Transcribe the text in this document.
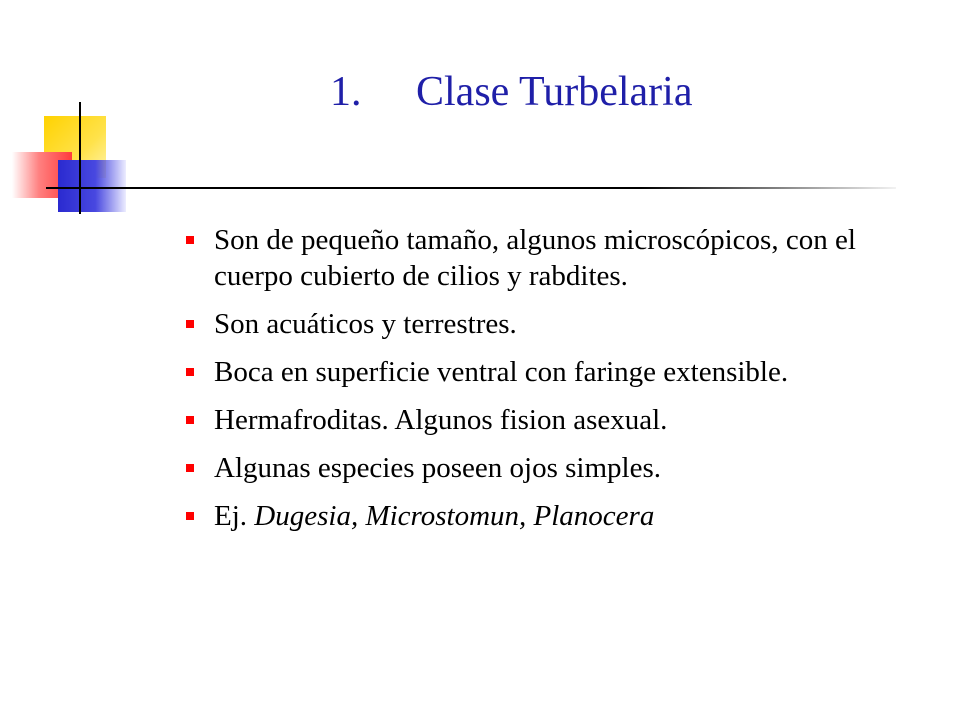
1. Clase Turbelaria
Son de pequeño tamaño, algunos microscópicos, con el cuerpo cubierto de cilios y rabdites.
Son acuáticos y terrestres.
Boca en superficie ventral con faringe extensible.
Hermafroditas. Algunos fision asexual.
Algunas especies poseen ojos simples.
Ej. Dugesia, Microstomun, Planocera
